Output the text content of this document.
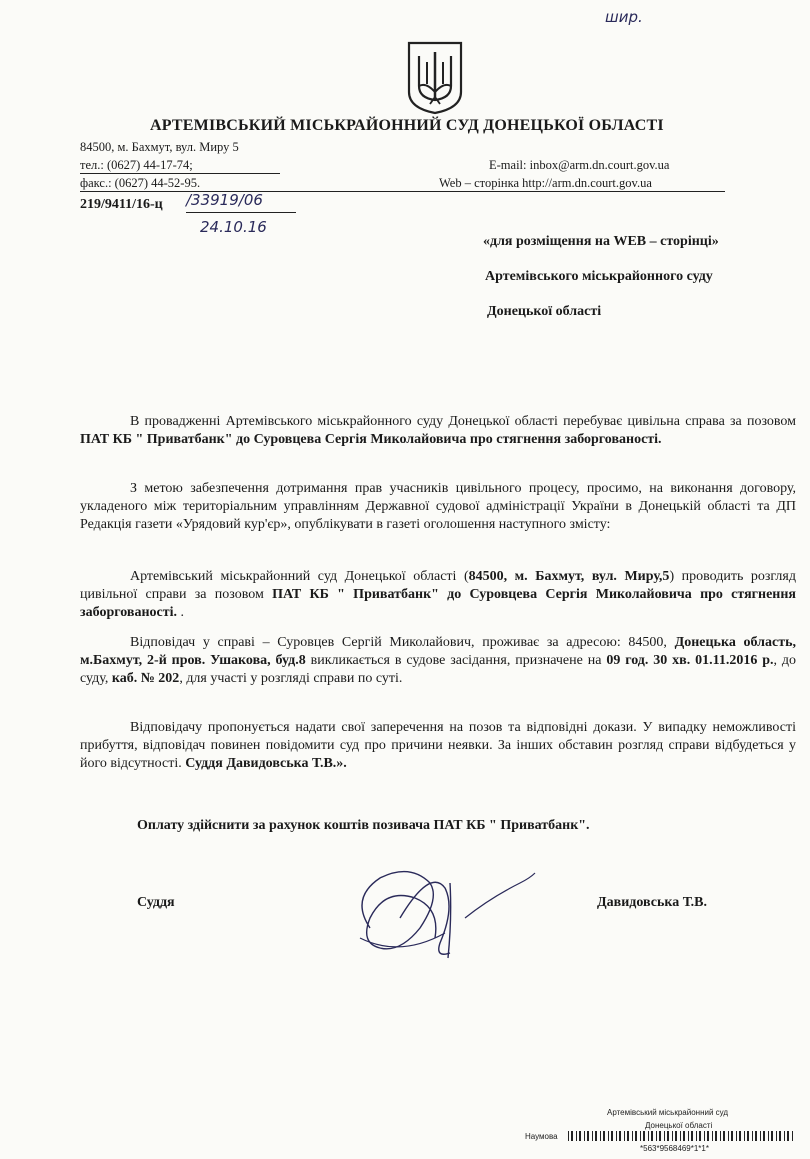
шир.
АРТЕМІВСЬКИЙ МІСЬКРАЙОННИЙ СУД ДОНЕЦЬКОЇ ОБЛАСТІ
84500, м. Бахмут, вул. Миру 5
тел.: (0627) 44-17-74;
факс.: (0627) 44-52-95.
E-mail: inbox@arm.dn.court.gov.ua
Web – сторінка http://arm.dn.court.gov.ua
219/9411/16-ц /33919/06
24.10.16
«для розміщення на WEB – сторінці»
Артемівського міськрайонного суду
Донецької області
В провадженні Артемівського міськрайонного суду Донецької області перебуває цивільна справа за позовом ПАТ КБ " Приватбанк" до Суровцева Сергія Миколайовича про стягнення заборгованості.
З метою забезпечення дотримання прав учасників цивільного процесу, просимо, на виконання договору, укладеного між територіальним управлінням Державної судової адміністрації України в Донецькій області та ДП Редакція газети «Урядовий кур'єр», опублікувати в газеті оголошення наступного змісту:
Артемівський міськрайонний суд Донецької області (84500, м. Бахмут, вул. Миру,5) проводить розгляд цивільної справи за позовом ПАТ КБ " Приватбанк" до Суровцева Сергія Миколайовича про стягнення заборгованості. .
Відповідач у справі – Суровцев Сергій Миколайович, проживає за адресою: 84500, Донецька область, м.Бахмут, 2-й пров. Ушакова, буд.8 викликається в судове засідання, призначене на 09 год. 30 хв. 01.11.2016 р., до суду, каб. № 202, для участі у розгляді справи по суті.
Відповідачу пропонується надати свої заперечення на позов та відповідні докази. У випадку неможливості прибуття, відповідач повинен повідомити суд про причини неявки. За інших обставин розгляд справи відбудеться у його відсутності. Суддя Давидовська Т.В.».
Оплату здійснити за рахунок коштів позивача ПАТ КБ " Приватбанк".
Суддя	Давидовська Т.В.
Артемівський міськрайонний суд
Донецької області
Наумова
*563*9568469*1*1*
